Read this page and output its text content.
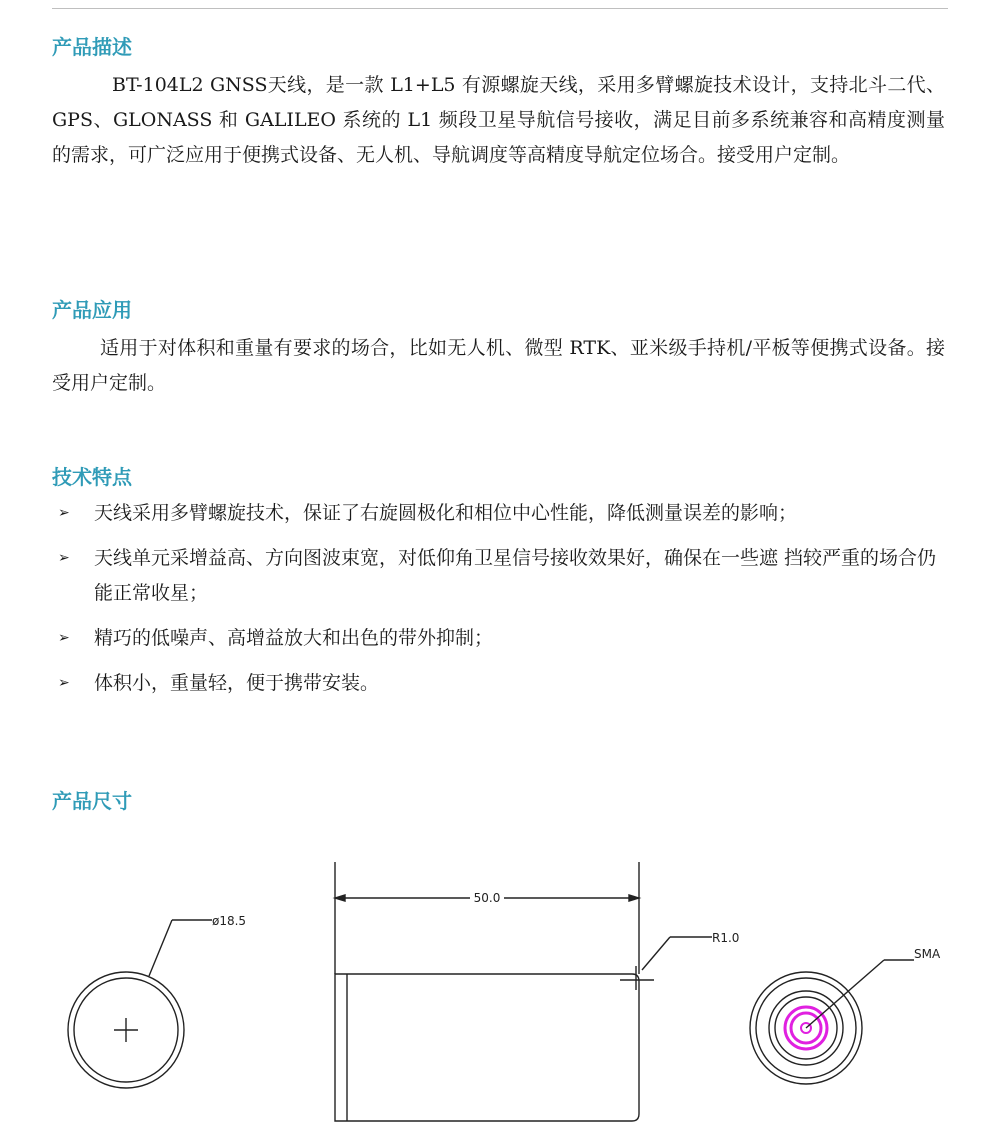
产品描述

BT-104L2 GNSS天线，是一款 L1+L5 有源螺旋天线，采用多臂螺旋技术设计，支持北斗二代、GPS、GLONASS 和 GALILEO 系统的 L1 频段卫星导航信号接收，满足目前多系统兼容和高精度测量的需求，可广泛应用于便携式设备、无人机、导航调度等高精度导航定位场合。接受用户定制。

产品应用

适用于对体积和重量有要求的场合，比如无人机、微型 RTK、亚米级手持机/平板等便携式设备。接受用户定制。

技术特点
➢ 天线采用多臂螺旋技术，保证了右旋圆极化和相位中心性能，降低测量误差的影响；
➢ 天线单元采增益高、方向图波束宽，对低仰角卫星信号接收效果好，确保在一些遮 挡较严重的场合仍能正常收星；
➢ 精巧的低噪声、高增益放大和出色的带外抑制；
➢ 体积小，重量轻，便于携带安装。
产品尺寸
ø18.5
50.0
R1.0
SMA
